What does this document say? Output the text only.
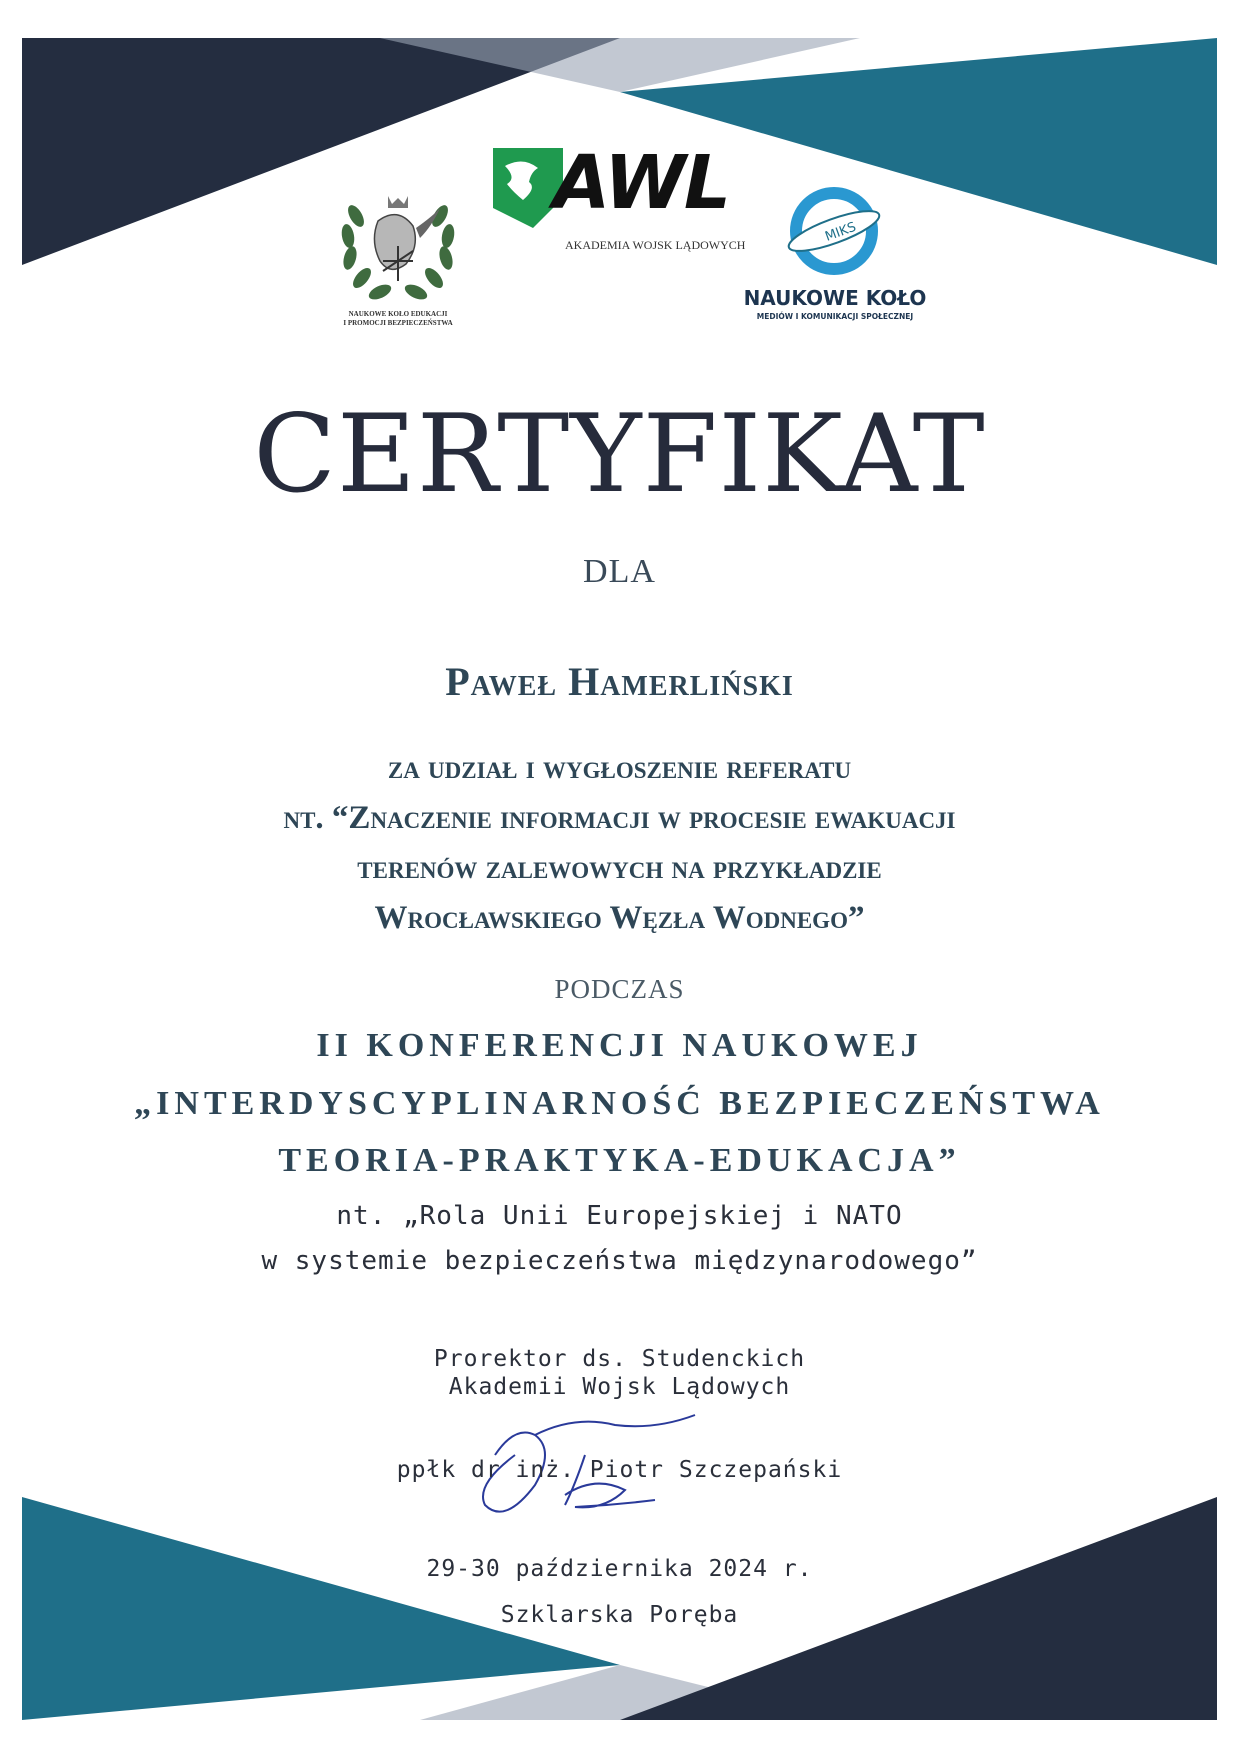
NAUKOWE KOŁO EDUKACJI
I PROMOCJI BEZPIECZEŃSTWA
AWL
AKADEMIA WOJSK LĄDOWYCH
MIKS
NAUKOWE KOŁO
MEDIÓW I KOMUNIKACJI SPOŁECZNEJ
CERTYFIKAT
DLA
Paweł Hamerliński
za udział i wygłoszenie referatu
nt. “Znaczenie informacji w procesie ewakuacji
terenów zalewowych na przykładzie
Wrocławskiego Węzła Wodnego”
PODCZAS
II KONFERENCJI NAUKOWEJ
„INTERDYSCYPLINARNOŚĆ BEZPIECZEŃSTWA
TEORIA-PRAKTYKA-EDUKACJA”
nt. „Rola Unii Europejskiej i NATO
w systemie bezpieczeństwa międzynarodowego”
Prorektor ds. Studenckich
Akademii Wojsk Lądowych
ppłk dr inż. Piotr Szczepański
29-30 października 2024 r.
Szklarska Poręba
